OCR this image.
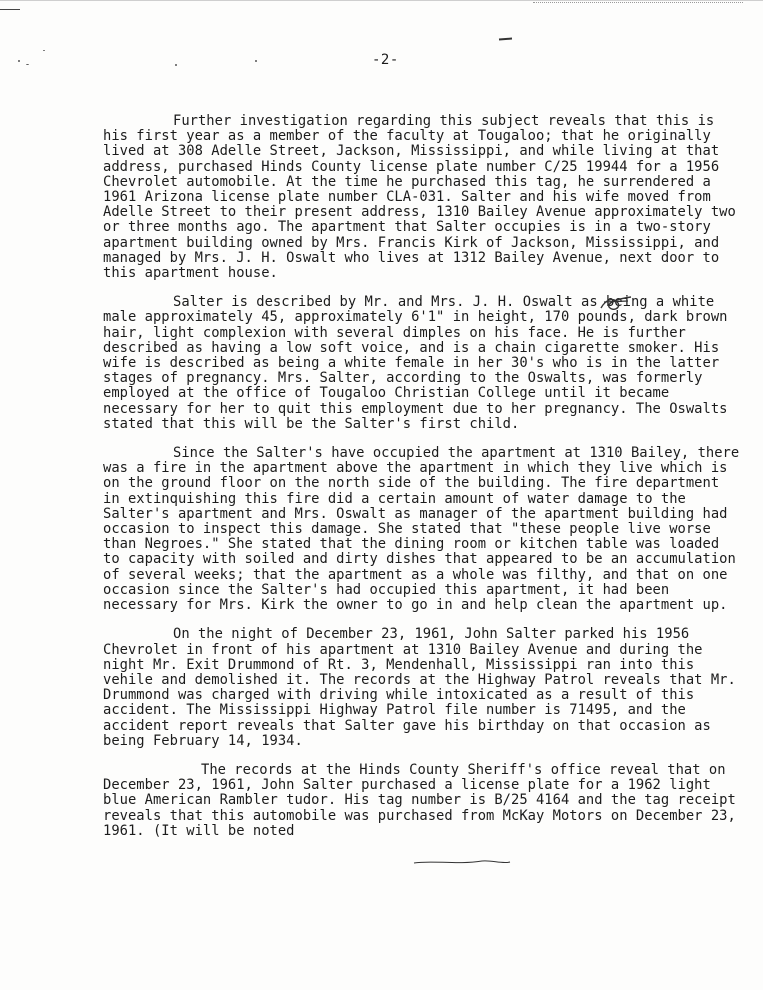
-2-

Further investigation regarding this subject reveals that this is his first year as a member of the faculty at Tougaloo; that he originally lived at 308 Adelle Street, Jackson, Mississippi, and while living at that address, purchased Hinds County license plate number C/25 19944 for a 1956 Chevrolet automobile. At the time he purchased this tag, he surrendered a 1961 Arizona license plate number CLA-031. Salter and his wife moved from Adelle Street to their present address, 1310 Bailey Avenue approximately two or three months ago. The apartment that Salter occupies is in a two-story apartment building owned by Mrs. Francis Kirk of Jackson, Mississippi, and managed by Mrs. J. H. Oswalt who lives at 1312 Bailey Avenue, next door to this apartment house.

Salter is described by Mr. and Mrs. J. H. Oswalt as being a white male approximately 45, approximately 6'1" in height, 170 pounds, dark brown hair, light complexion with several dimples on his face. He is further described as having a low soft voice, and is a chain cigarette smoker. His wife is described as being a white female in her 30's who is in the latter stages of pregnancy. Mrs. Salter, according to the Oswalts, was formerly employed at the office of Tougaloo Christian College until it became necessary for her to quit this employment due to her pregnancy. The Oswalts stated that this will be the Salter's first child.

Since the Salter's have occupied the apartment at 1310 Bailey, there was a fire in the apartment above the apartment in which they live which is on the ground floor on the north side of the building. The fire department in extinquishing this fire did a certain amount of water damage to the Salter's apartment and Mrs. Oswalt as manager of the apartment building had occasion to inspect this damage. She stated that "these people live worse than Negroes." She stated that the dining room or kitchen table was loaded to capacity with soiled and dirty dishes that appeared to be an accumulation of several weeks; that the apartment as a whole was filthy, and that on one occasion since the Salter's had occupied this apartment, it had been necessary for Mrs. Kirk the owner to go in and help clean the apartment up.

On the night of December 23, 1961, John Salter parked his 1956 Chevrolet in front of his apartment at 1310 Bailey Avenue and during the night Mr. Exit Drummond of Rt. 3, Mendenhall, Mississippi ran into this vehile and demolished it. The records at the Highway Patrol reveals that Mr. Drummond was charged with driving while intoxicated as a result of this accident. The Mississippi Highway Patrol file number is 71495, and the accident report reveals that Salter gave his birthday on that occasion as being February 14, 1934.

The records at the Hinds County Sheriff's office reveal that on December 23, 1961, John Salter purchased a license plate for a 1962 light blue American Rambler tudor. His tag number is B/25 4164 and the tag receipt reveals that this automobile was purchased from McKay Motors on December 23, 1961. (It will be noted
